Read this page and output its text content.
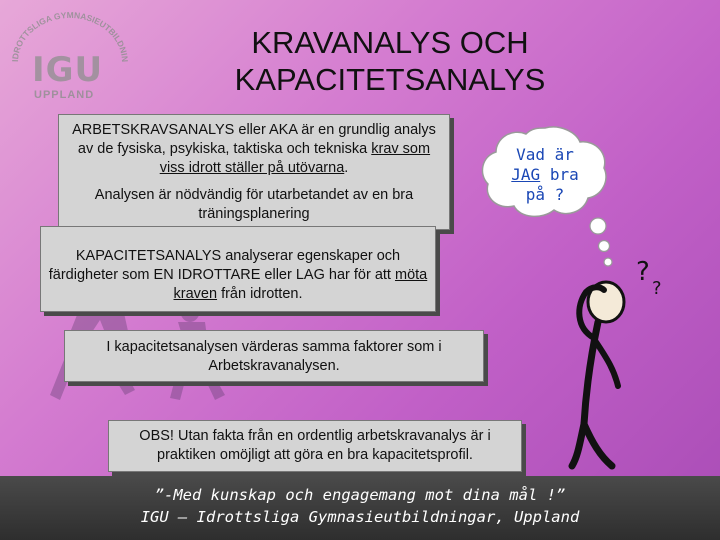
IDROTTSLIGA GYMNASIEUTBILDNIN
IGU
UPPLAND
KRAVANALYS OCH
KAPACITETSANALYS
Vad är
JAG bra
på ?
?
?

ARBETSKRAVSANALYS eller AKA är en grundlig analys av de fysiska, psykiska, taktiska och tekniska krav som viss idrott ställer på utövarna.

Analysen är nödvändig för utarbetandet av en bra träningsplanering

KAPACITETSANALYS analyserar egenskaper och färdigheter som EN IDROTTARE eller LAG har för att möta kraven från idrotten.
I kapacitetsanalysen värderas samma faktorer som i Arbetskravanalysen.
OBS! Utan fakta från en ordentlig arbetskravanalys är i praktiken omöjligt att göra en bra kapacitetsprofil.
”-Med kunskap och engagemang mot dina mål !”
IGU – Idrottsliga Gymnasieutbildningar, Uppland
